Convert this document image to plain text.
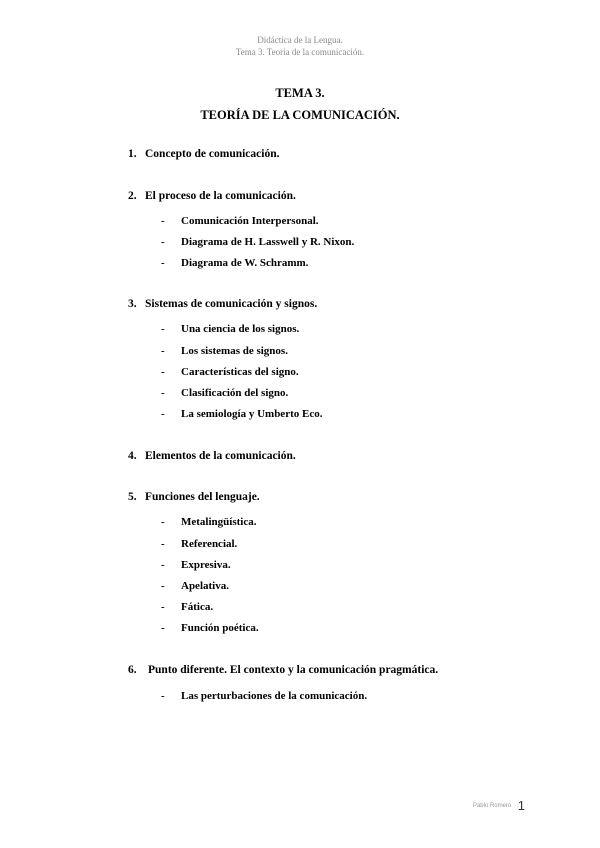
Didáctica de la Lengua.
Tema 3. Teoría de la comunicación.
TEMA 3.
TEORÍA DE LA COMUNICACIÓN.
1. Concepto de comunicación.
2. El proceso de la comunicación.
- Comunicación Interpersonal.
- Diagrama de H. Lasswell y R. Nixon.
- Diagrama de W. Schramm.
3. Sistemas de comunicación y signos.
- Una ciencia de los signos.
- Los sistemas de signos.
- Características del signo.
- Clasificación del signo.
- La semiología y Umberto Eco.
4. Elementos de la comunicación.
5. Funciones del lenguaje.
- Metalingüística.
- Referencial.
- Expresiva.
- Apelativa.
- Fática.
- Función poética.
6. Punto diferente. El contexto y la comunicación pragmática.
- Las perturbaciones de la comunicación.
Pablo Romero 1
